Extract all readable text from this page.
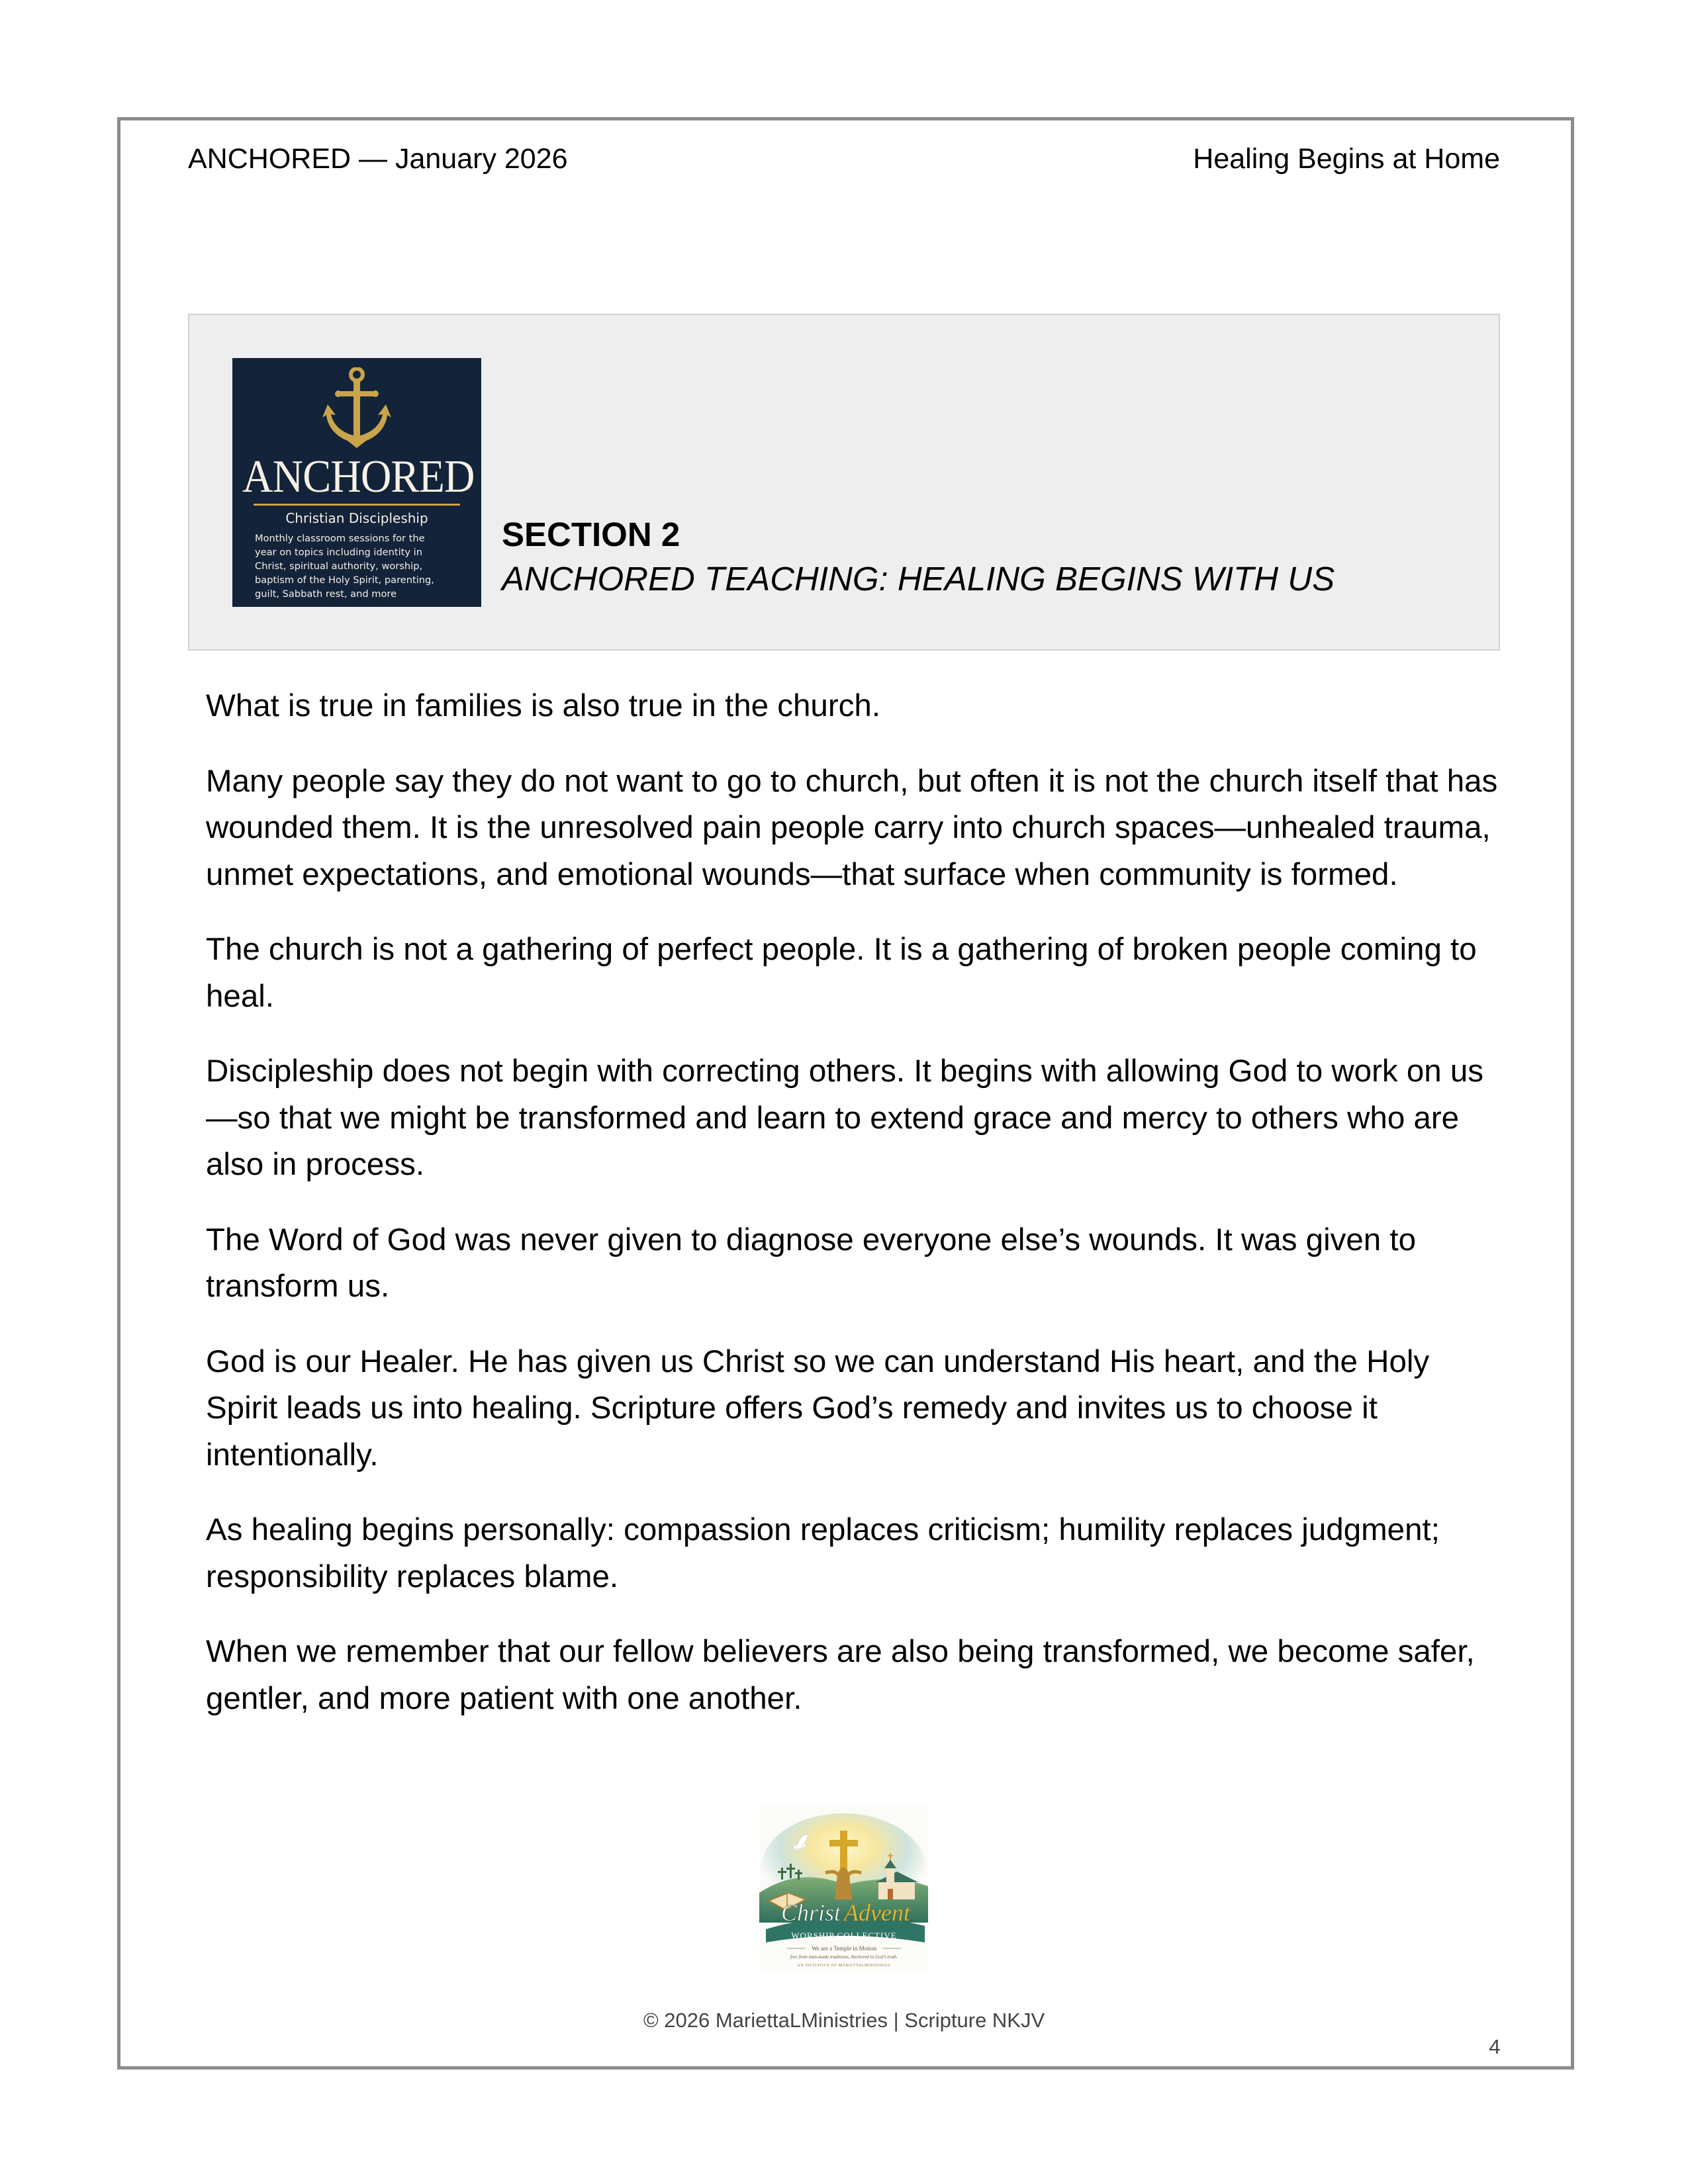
ANCHORED — January 2026	Healing Begins at Home
ANCHORED
Christian Discipleship
Monthly classroom sessions for the
year on topics including identity in
Christ, spiritual authority, worship,
baptism of the Holy Spirit, parenting,
guilt, Sabbath rest, and more
SECTION 2
ANCHORED TEACHING: HEALING BEGINS WITH US

What is true in families is also true in the church.

Many people say they do not want to go to church, but often it is not the church itself that has wounded them. It is the unresolved pain people carry into church spaces—unhealed trauma, unmet expectations, and emotional wounds—that surface when community is formed.

The church is not a gathering of perfect people. It is a gathering of broken people coming to heal.

Discipleship does not begin with correcting others. It begins with allowing God to work on us—so that we might be transformed and learn to extend grace and mercy to others who are also in process.

The Word of God was never given to diagnose everyone else’s wounds. It was given to transform us.

God is our Healer. He has given us Christ so we can understand His heart, and the Holy Spirit leads us into healing. Scripture offers God’s remedy and invites us to choose it intentionally.

As healing begins personally: compassion replaces criticism; humility replaces judgment; responsibility replaces blame.

When we remember that our fellow believers are also being transformed, we become safer, gentler, and more patient with one another.

Christ Advent
WORSHIP COLLECTIVE
We are a Temple in Motion
free from man-made traditions, Anchored in God’s truth.
AN INITIATIVE OF MARIETTALMINISTRIES
© 2026 MariettaLMinistries | Scripture NKJV
4
